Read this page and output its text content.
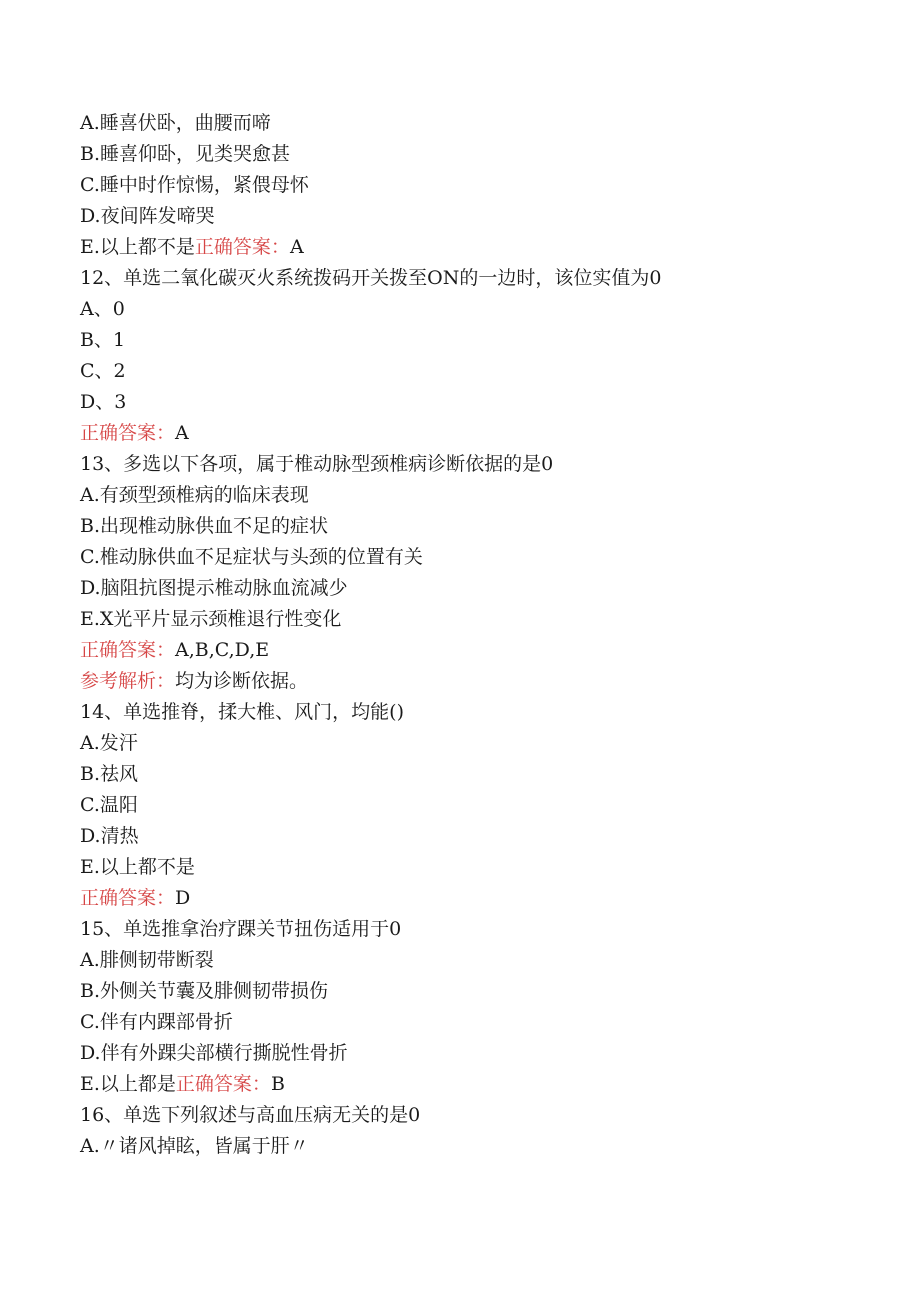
A.睡喜伏卧，曲腰而啼
B.睡喜仰卧，见类哭愈甚
C.睡中时作惊惕，紧偎母怀
D.夜间阵发啼哭
E.以上都不是正确答案：A
12、单选二氧化碳灭火系统拨码开关拨至ON的一边时，该位实值为0
A、0
B、1
C、2
D、3
正确答案：A
13、多选以下各项，属于椎动脉型颈椎病诊断依据的是0
A.有颈型颈椎病的临床表现
B.出现椎动脉供血不足的症状
C.椎动脉供血不足症状与头颈的位置有关
D.脑阻抗图提示椎动脉血流减少
E.X光平片显示颈椎退行性变化
正确答案：A,B,C,D,E
参考解析：均为诊断依据。
14、单选推脊，揉大椎、风门，均能()
A.发汗
B.祛风
C.温阳
D.清热
E.以上都不是
正确答案：D
15、单选推拿治疗踝关节扭伤适用于0
A.腓侧韧带断裂
B.外侧关节囊及腓侧韧带损伤
C.伴有内踝部骨折
D.伴有外踝尖部横行撕脱性骨折
E.以上都是正确答案：B
16、单选下列叙述与高血压病无关的是0
A.〃诸风掉眩，皆属于肝〃
